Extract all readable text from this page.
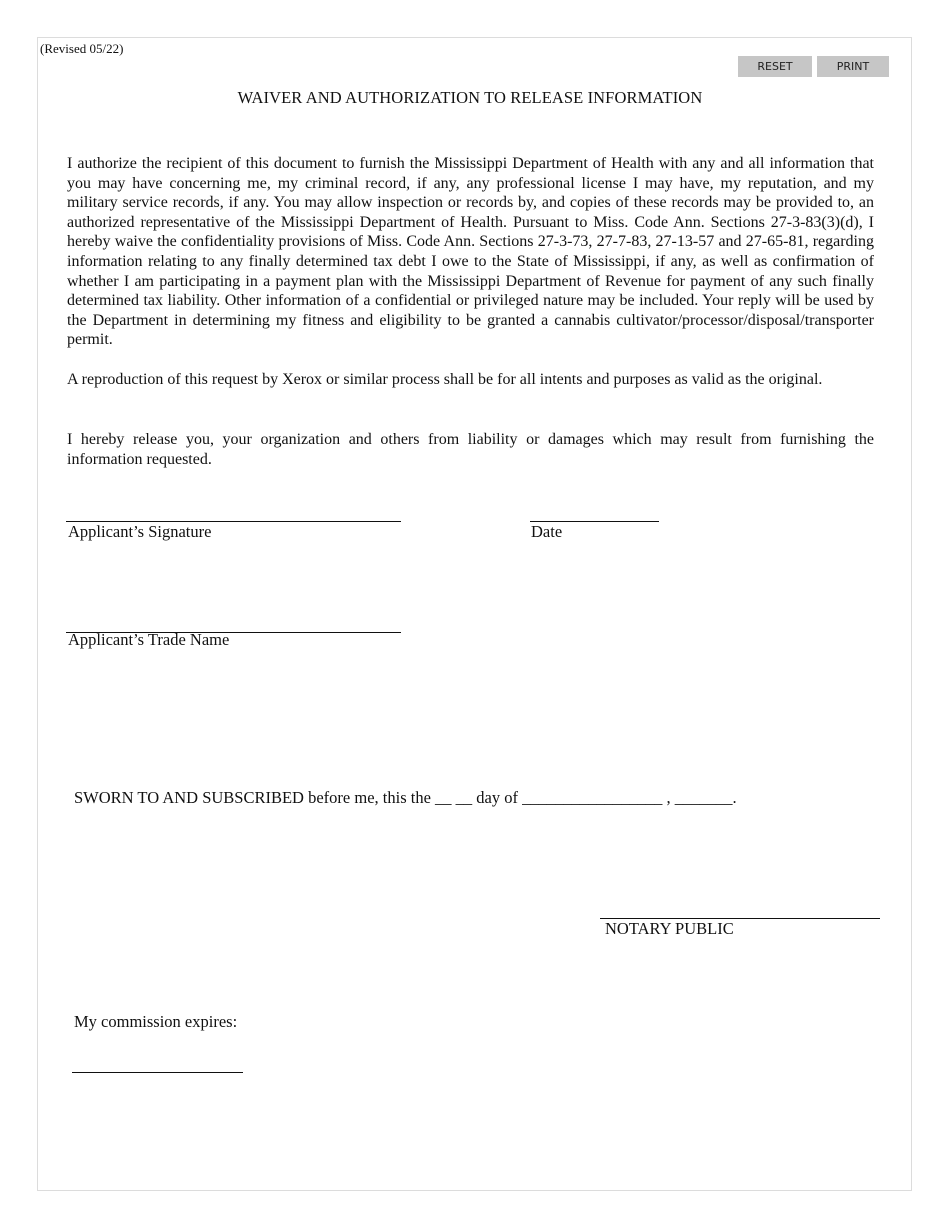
(Revised 05/22)
RESET	PRINT
WAIVER AND AUTHORIZATION TO RELEASE INFORMATION

I authorize the recipient of this document to furnish the Mississippi Department of Health with any and all information that you may have concerning me, my criminal record, if any, any professional license I may have, my reputation, and my military service records, if any. You may allow inspection or records by, and copies of these records may be provided to, an authorized representative of the Mississippi Department of Health. Pursuant to Miss. Code Ann. Sections 27-3-83(3)(d), I hereby waive the confidentiality provisions of Miss. Code Ann. Sections 27-3-73, 27-7-83, 27-13-57 and 27-65-81, regarding information relating to any finally determined tax debt I owe to the State of Mississippi, if any, as well as confirmation of whether I am participating in a payment plan with the Mississippi Department of Revenue for payment of any such finally determined tax liability. Other information of a confidential or privileged nature may be included. Your reply will be used by the Department in determining my fitness and eligibility to be granted a cannabis cultivator/processor/disposal/transporter permit.

A reproduction of this request by Xerox or similar process shall be for all intents and purposes as valid as the original.

I hereby release you, your organization and others from liability or damages which may result from furnishing the information requested.

Applicant’s Signature	Date
Applicant’s Trade Name
SWORN TO AND SUBSCRIBED before me, this the __ __ day of _________________ , _______.
NOTARY PUBLIC
My commission expires:
